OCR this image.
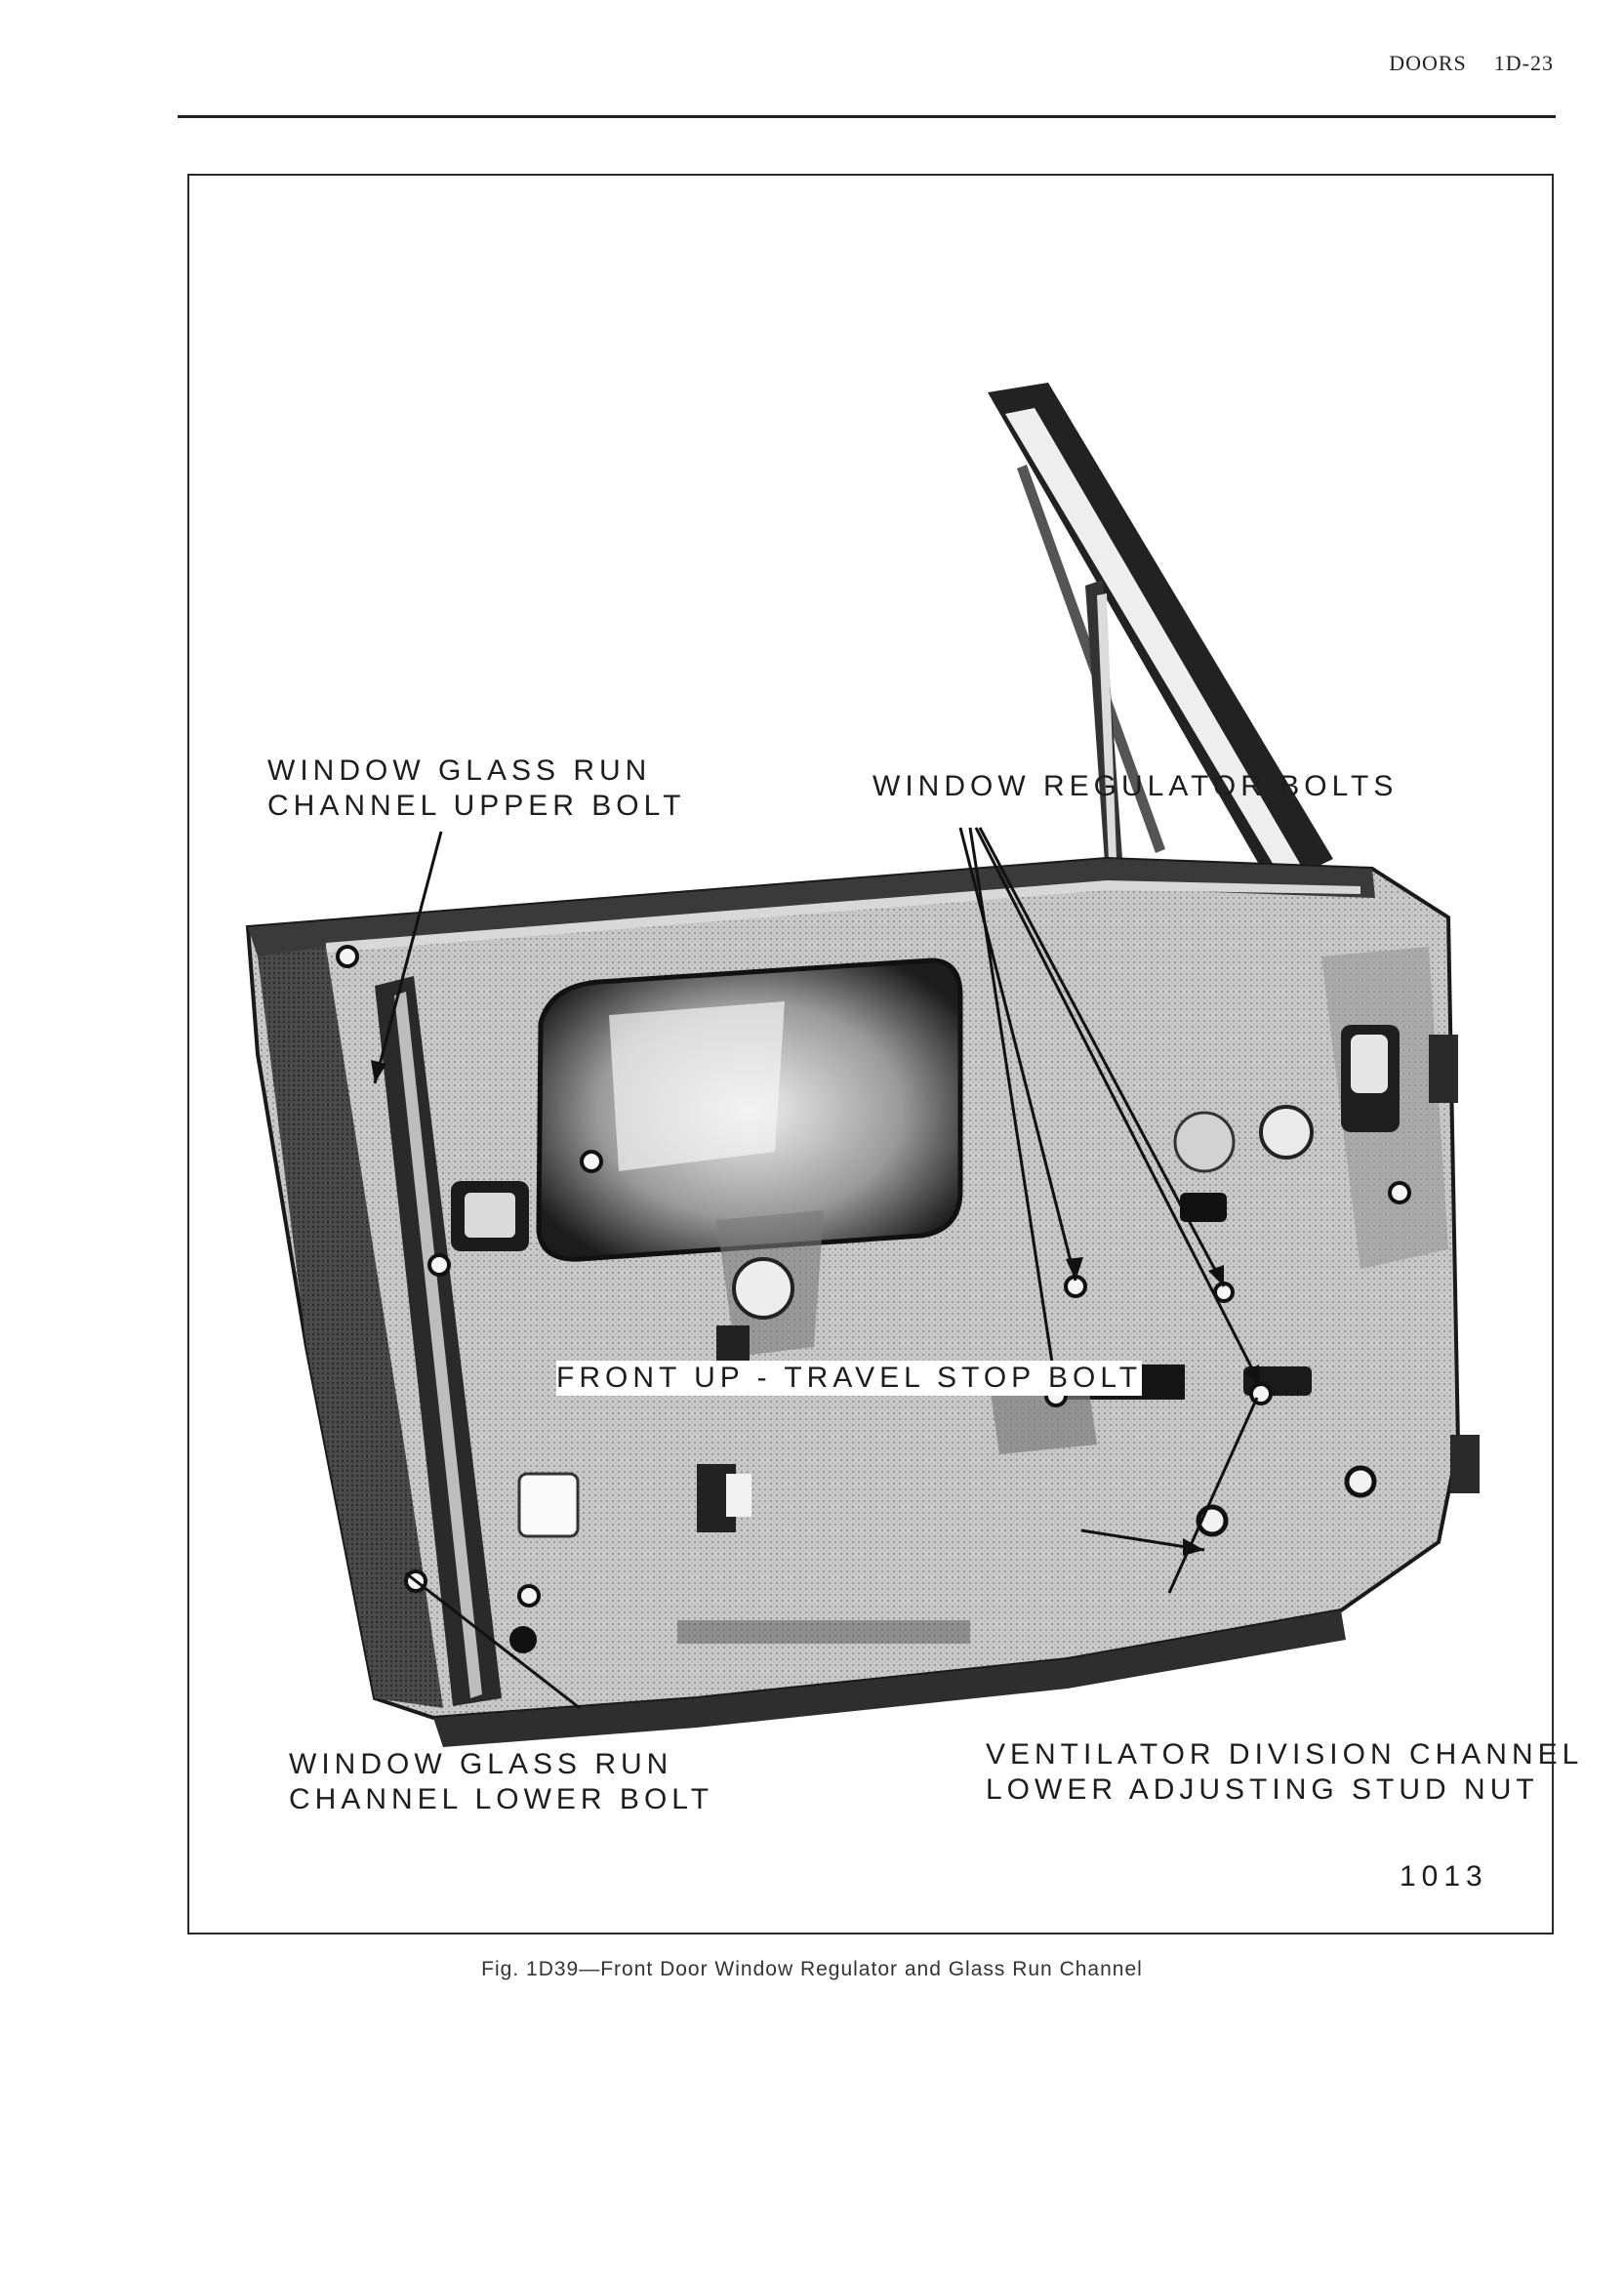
DOORS 1D-23
WINDOW GLASS RUN
CHANNEL UPPER BOLT
WINDOW REGULATOR BOLTS
FRONT UP - TRAVEL STOP BOLT
WINDOW GLASS RUN
CHANNEL LOWER BOLT
VENTILATOR DIVISION CHANNEL
LOWER ADJUSTING STUD NUT
1013
Fig. 1D39—Front Door Window Regulator and Glass Run Channel
